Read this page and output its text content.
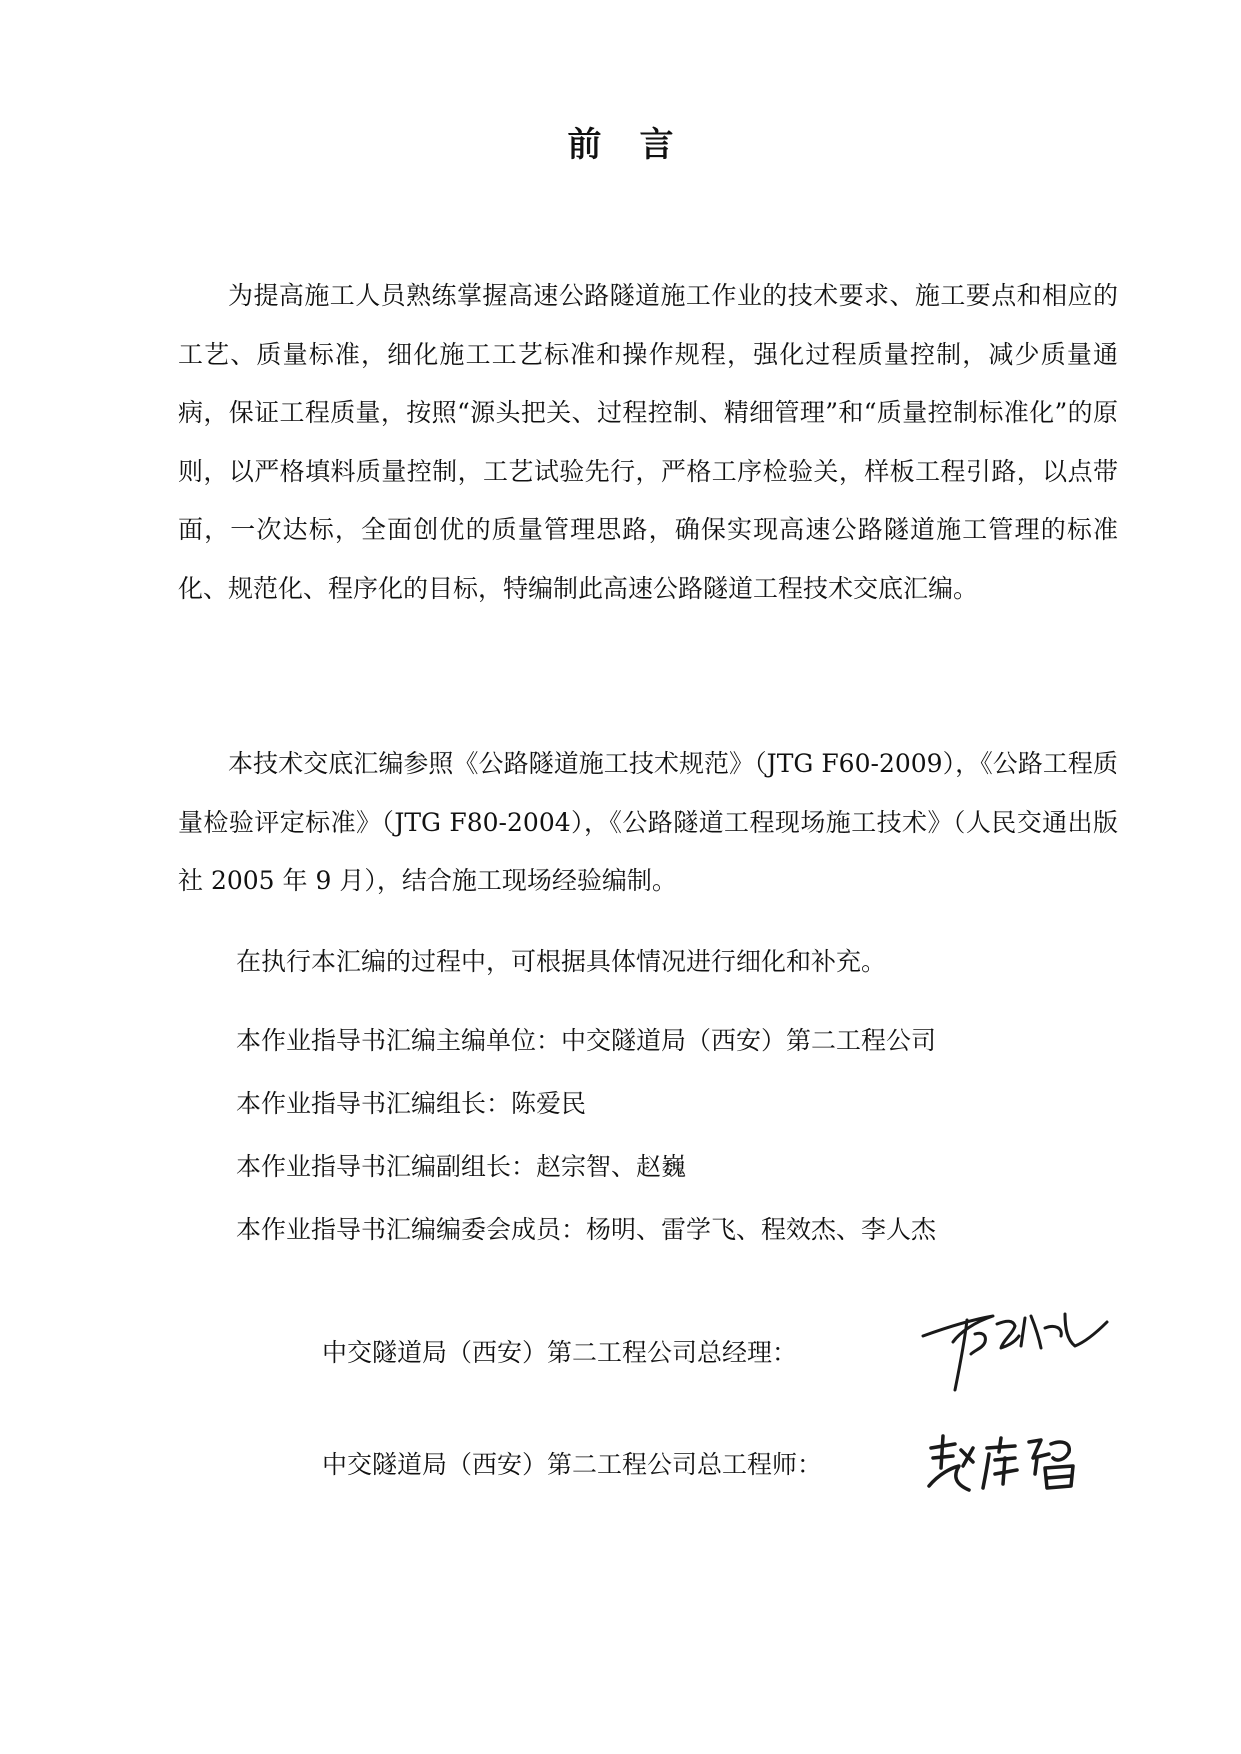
前言

为提高施工人员熟练掌握高速公路隧道施工作业的技术要求、施工要点和相应的工艺、质量标准，细化施工工艺标准和操作规程，强化过程质量控制，减少质量通病，保证工程质量，按照“源头把关、过程控制、精细管理”和“质量控制标准化”的原则，以严格填料质量控制，工艺试验先行，严格工序检验关，样板工程引路，以点带面，一次达标，全面创优的质量管理思路，确保实现高速公路隧道施工管理的标准化、规范化、程序化的目标，特编制此高速公路隧道工程技术交底汇编。

本技术交底汇编参照《公路隧道施工技术规范》（JTG F60-2009），《公路工程质量检验评定标准》（JTG F80-2004），《公路隧道工程现场施工技术》（人民交通出版社 2005 年 9 月），结合施工现场经验编制。

在执行本汇编的过程中，可根据具体情况进行细化和补充。
本作业指导书汇编主编单位：中交隧道局（西安）第二工程公司
本作业指导书汇编组长：陈爱民
本作业指导书汇编副组长：赵宗智、赵巍
本作业指导书汇编编委会成员：杨明、雷学飞、程效杰、李人杰
中交隧道局（西安）第二工程公司总经理：
中交隧道局（西安）第二工程公司总工程师：
